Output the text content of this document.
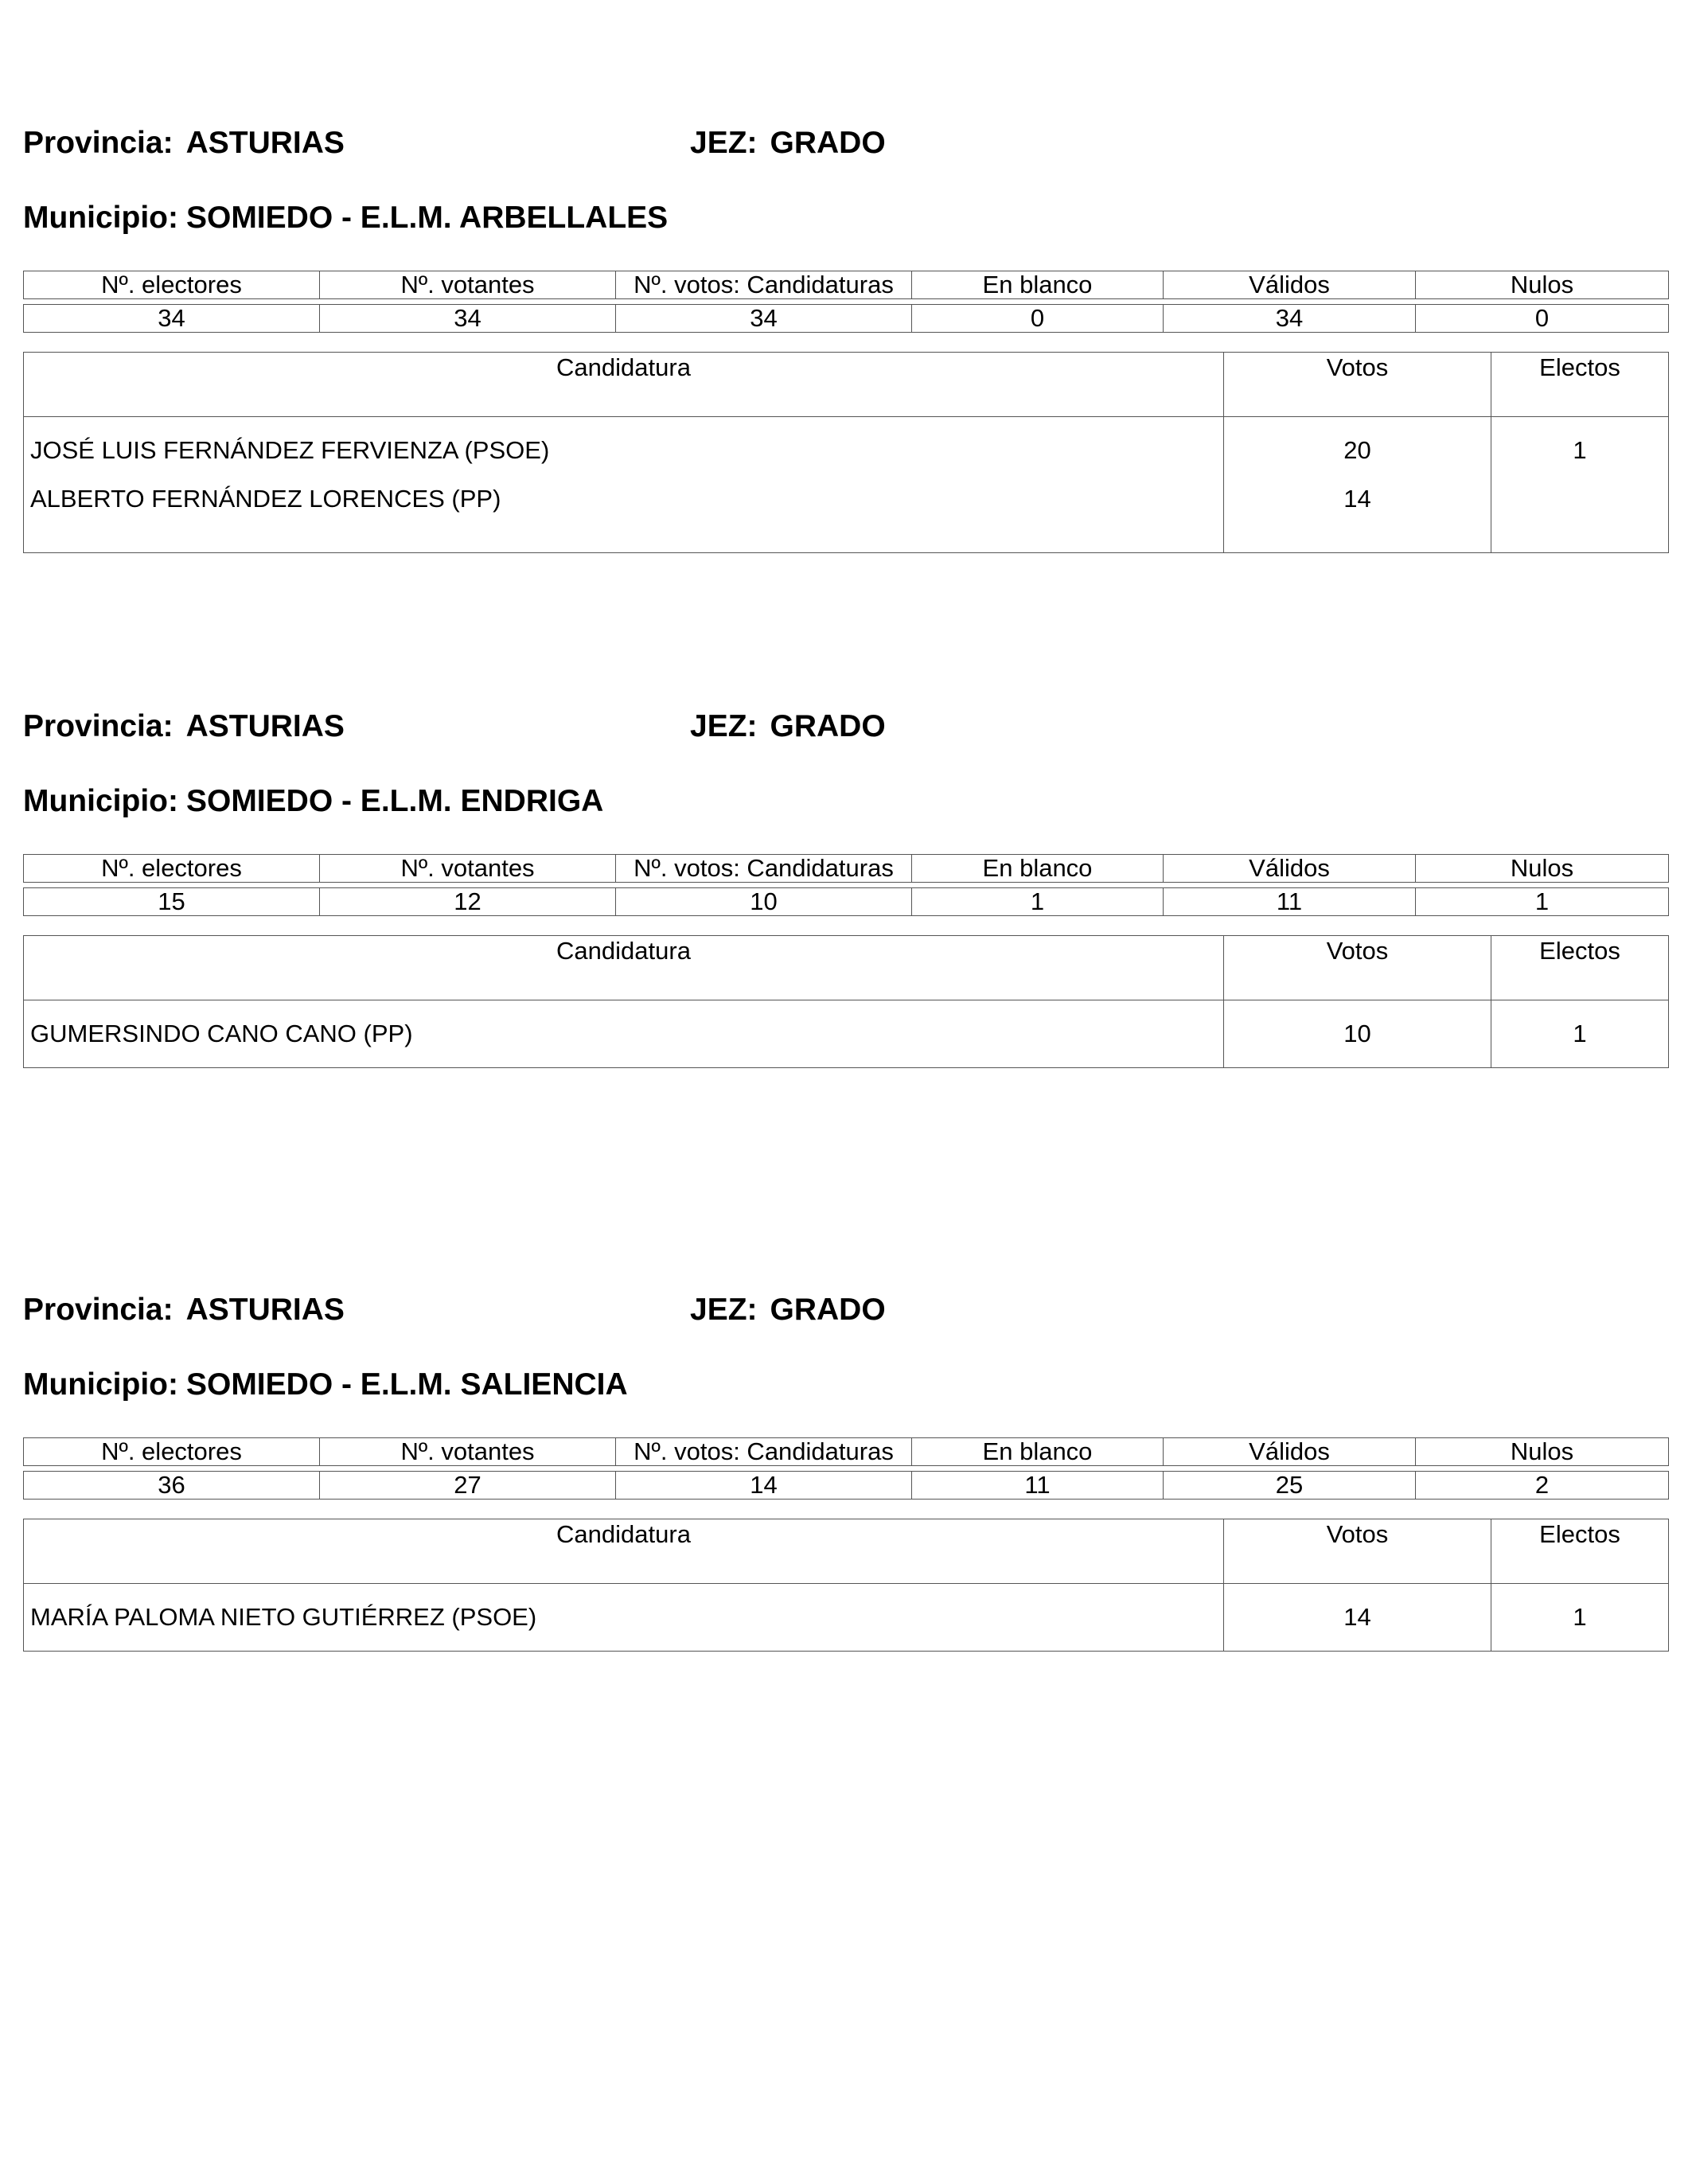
Provincia: ASTURIAS	JEZ: GRADO
Municipio: SOMIEDO - E.L.M. ARBELLALES
Nº. electores	Nº. votantes	Nº. votos: Candidaturas	En blanco	Válidos	Nulos

34	34	34	0	34	0
Candidatura	Votos	Electos
JOSÉ LUIS FERNÁNDEZ FERVIENZA (PSOE)	20	1
ALBERTO FERNÁNDEZ LORENCES (PP)	14	
Provincia: ASTURIAS	JEZ: GRADO
Municipio: SOMIEDO - E.L.M. ENDRIGA
Nº. electores	Nº. votantes	Nº. votos: Candidaturas	En blanco	Válidos	Nulos

15	12	10	1	11	1
Candidatura	Votos	Electos
GUMERSINDO CANO CANO (PP)	10	1
Provincia: ASTURIAS	JEZ: GRADO
Municipio: SOMIEDO - E.L.M. SALIENCIA
Nº. electores	Nº. votantes	Nº. votos: Candidaturas	En blanco	Válidos	Nulos

36	27	14	11	25	2
Candidatura	Votos	Electos
MARÍA PALOMA NIETO GUTIÉRREZ (PSOE)	14	1
